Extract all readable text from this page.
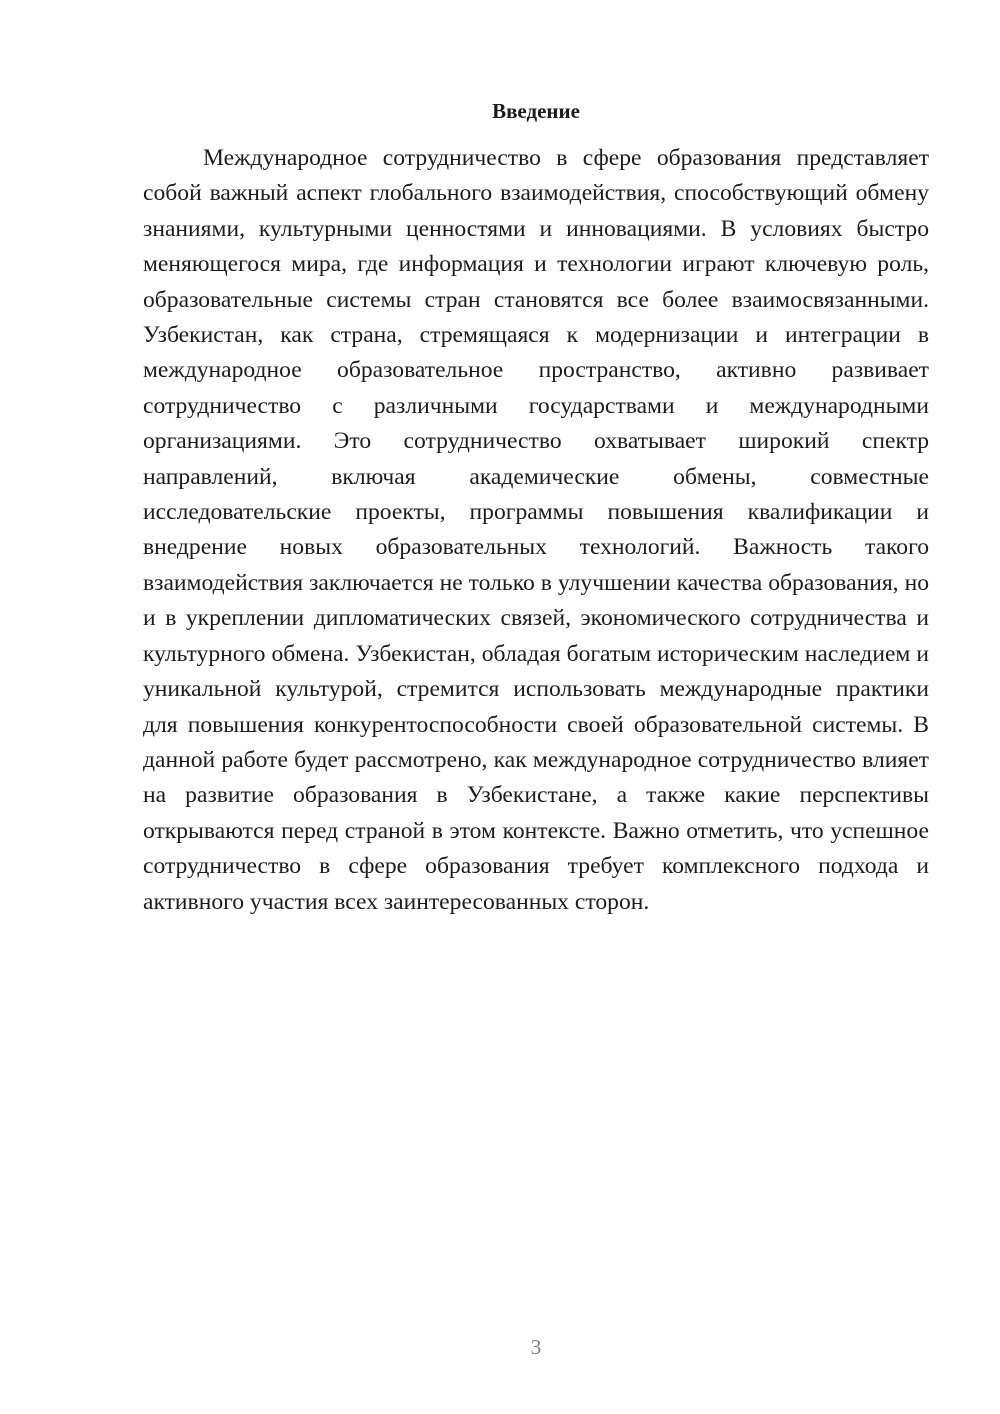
Введение

Международное сотрудничество в сфере образования представляет собой важный аспект глобального взаимодействия, способствующий обмену знаниями, культурными ценностями и инновациями. В условиях быстро меняющегося мира, где информация и технологии играют ключевую роль, образовательные системы стран становятся все более взаимосвязанными. Узбекистан, как страна, стремящаяся к модернизации и интеграции в международное образовательное пространство, активно развивает сотрудничество с различными государствами и международными организациями. Это сотрудничество охватывает широкий спектр направлений, включая академические обмены, совместные исследовательские проекты, программы повышения квалификации и внедрение новых образовательных технологий. Важность такого взаимодействия заключается не только в улучшении качества образования, но и в укреплении дипломатических связей, экономического сотрудничества и культурного обмена. Узбекистан, обладая богатым историческим наследием и уникальной культурой, стремится использовать международные практики для повышения конкурентоспособности своей образовательной системы. В данной работе будет рассмотрено, как международное сотрудничество влияет на развитие образования в Узбекистане, а также какие перспективы открываются перед страной в этом контексте. Важно отметить, что успешное сотрудничество в сфере образования требует комплексного подхода и активного участия всех заинтересованных сторон.

3
